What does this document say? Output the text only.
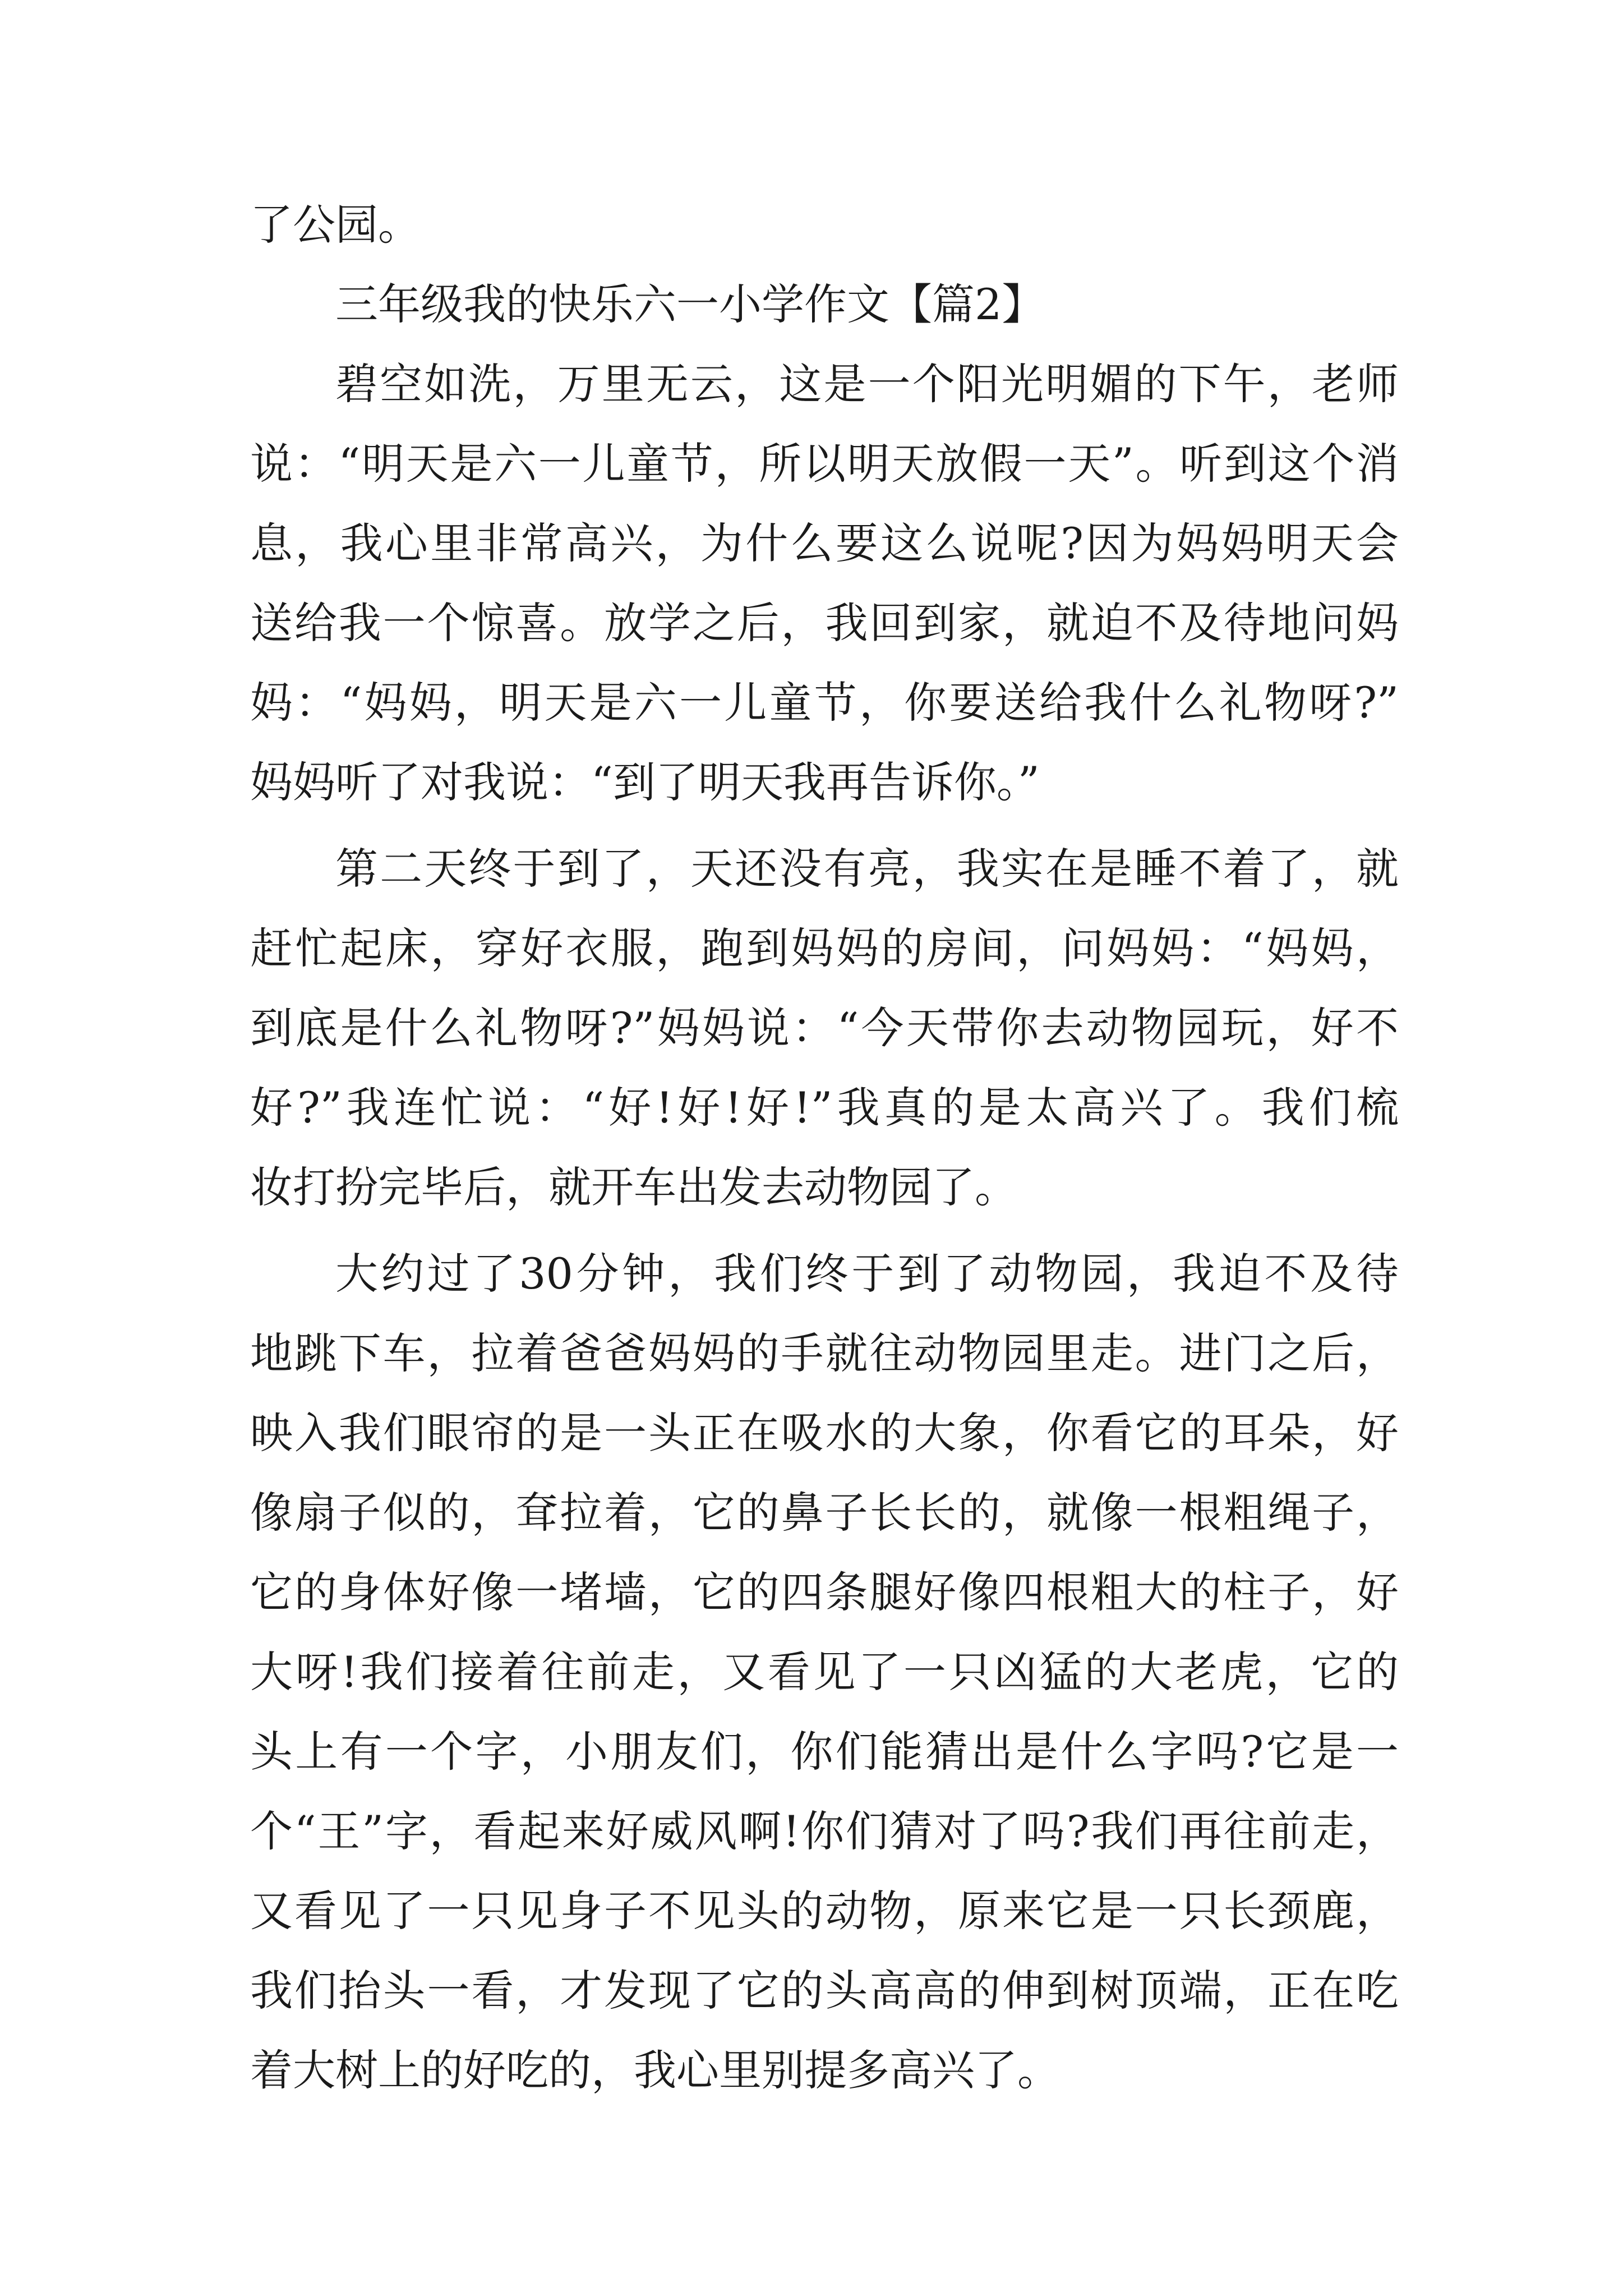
了公园。
三年级我的快乐六一小学作文【篇2】
碧空如洗，万里无云，这是一个阳光明媚的下午，老师
说：“明天是六一儿童节，所以明天放假一天”。听到这个消
息，我心里非常高兴，为什么要这么说呢?因为妈妈明天会
送给我一个惊喜。放学之后，我回到家，就迫不及待地问妈
妈：“妈妈，明天是六一儿童节，你要送给我什么礼物呀?”
妈妈听了对我说：“到了明天我再告诉你。”
第二天终于到了，天还没有亮，我实在是睡不着了，就
赶忙起床，穿好衣服，跑到妈妈的房间，问妈妈：“妈妈，
到底是什么礼物呀?”妈妈说：“今天带你去动物园玩，好不
好?”我连忙说：“好!好!好!”我真的是太高兴了。我们梳
妆打扮完毕后，就开车出发去动物园了。
大约过了30分钟，我们终于到了动物园，我迫不及待
地跳下车，拉着爸爸妈妈的手就往动物园里走。进门之后，
映入我们眼帘的是一头正在吸水的大象，你看它的耳朵，好
像扇子似的，耷拉着，它的鼻子长长的，就像一根粗绳子，
它的身体好像一堵墙，它的四条腿好像四根粗大的柱子，好
大呀!我们接着往前走，又看见了一只凶猛的大老虎，它的
头上有一个字，小朋友们，你们能猜出是什么字吗?它是一
个“王”字，看起来好威风啊!你们猜对了吗?我们再往前走，
又看见了一只见身子不见头的动物，原来它是一只长颈鹿，
我们抬头一看，才发现了它的头高高的伸到树顶端，正在吃
着大树上的好吃的，我心里别提多高兴了。
